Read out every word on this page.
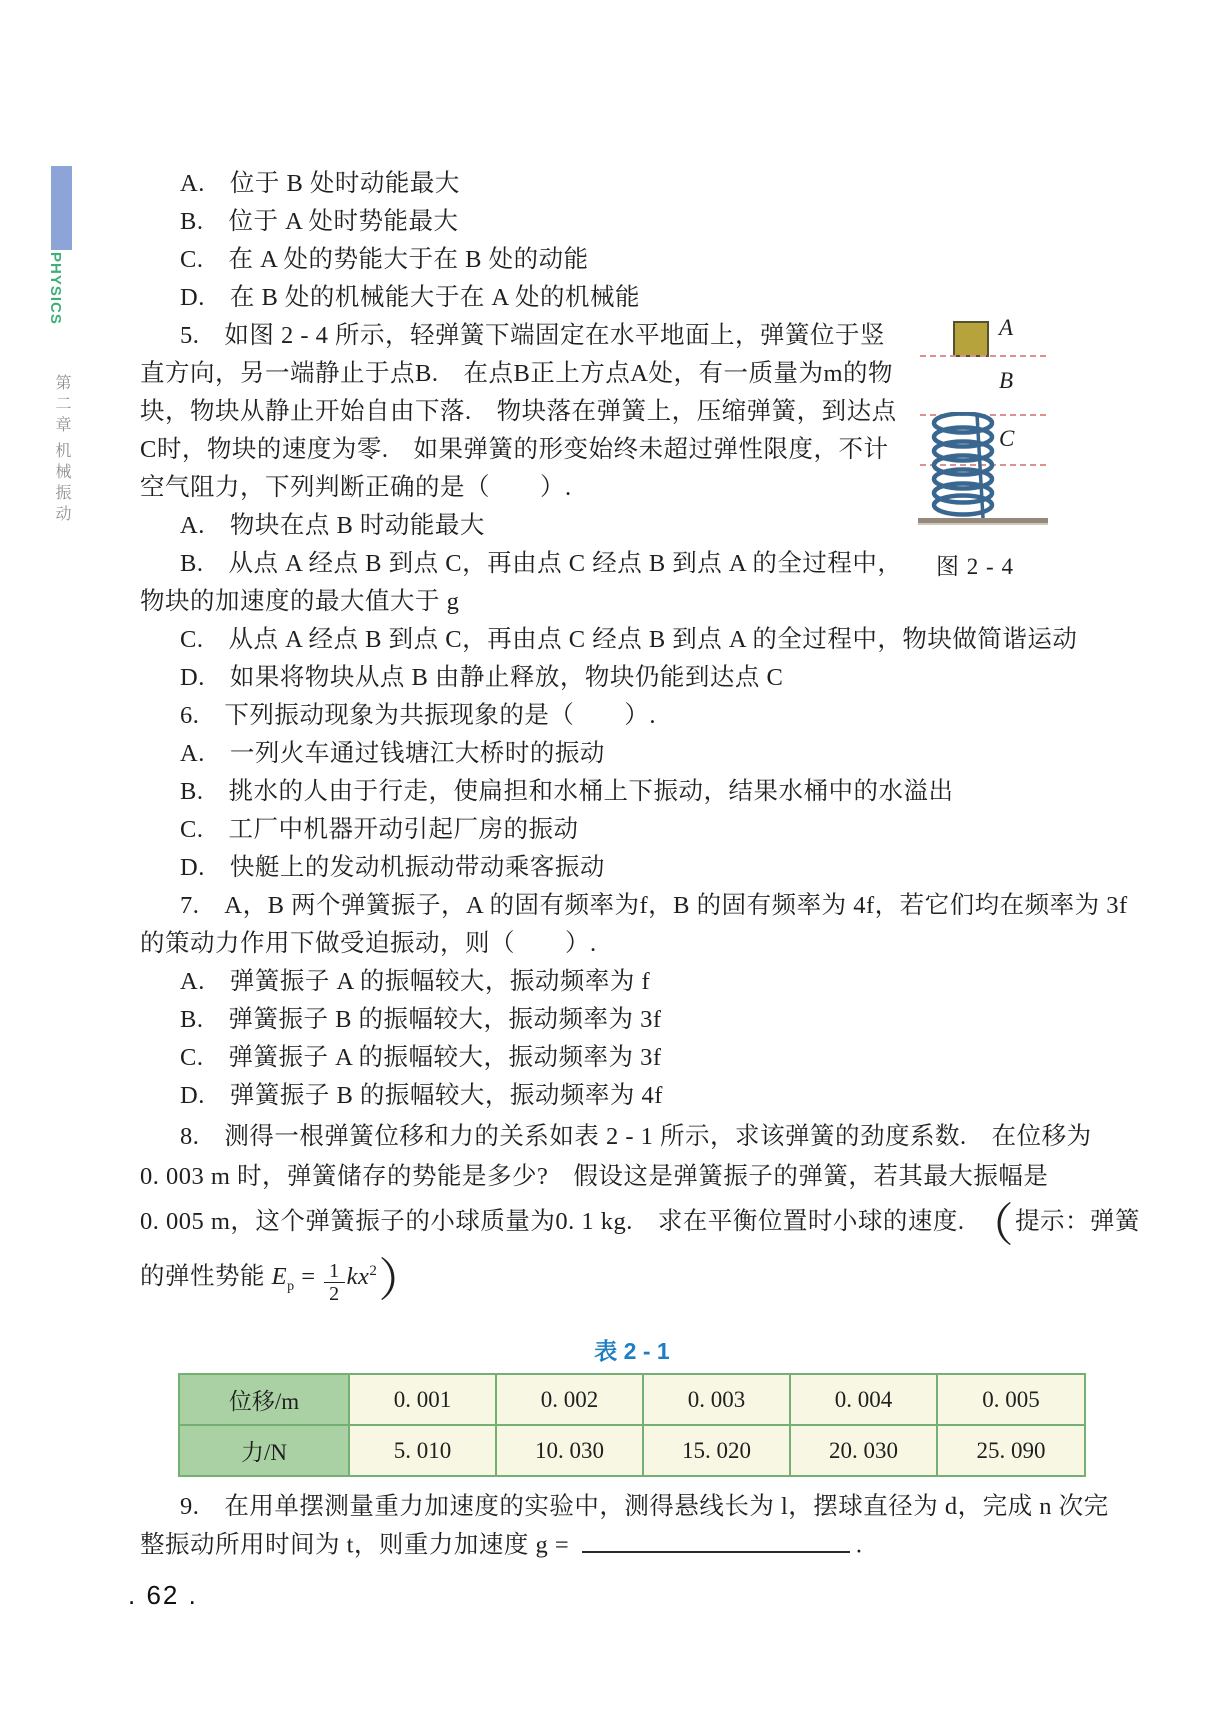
PHYSICS
第二章
机械振动
A.　位于 B 处时动能最大
B.　位于 A 处时势能最大
C.　在 A 处的势能大于在 B 处的动能
D.　在 B 处的机械能大于在 A 处的机械能
5.　如图 2 - 4 所示，轻弹簧下端固定在水平地面上，弹簧位于竖
直方向，另一端静止于点B.　在点B正上方点A处，有一质量为m的物
块，物块从静止开始自由下落.　物块落在弹簧上，压缩弹簧，到达点
C时，物块的速度为零.　如果弹簧的形变始终未超过弹性限度，不计
空气阻力，下列判断正确的是（　　）.
A.　物块在点 B 时动能最大
B.　从点 A 经点 B 到点 C，再由点 C 经点 B 到点 A 的全过程中，
物块的加速度的最大值大于 g
C.　从点 A 经点 B 到点 C，再由点 C 经点 B 到点 A 的全过程中，物块做简谐运动
D.　如果将物块从点 B 由静止释放，物块仍能到达点 C
6.　下列振动现象为共振现象的是（　　）.
A.　一列火车通过钱塘江大桥时的振动
B.　挑水的人由于行走，使扁担和水桶上下振动，结果水桶中的水溢出
C.　工厂中机器开动引起厂房的振动
D.　快艇上的发动机振动带动乘客振动
7.　A，B 两个弹簧振子，A 的固有频率为f，B 的固有频率为 4f，若它们均在频率为 3f
的策动力作用下做受迫振动，则（　　）.
A.　弹簧振子 A 的振幅较大，振动频率为 f
B.　弹簧振子 B 的振幅较大，振动频率为 3f
C.　弹簧振子 A 的振幅较大，振动频率为 3f
D.　弹簧振子 B 的振幅较大，振动频率为 4f
8.　测得一根弹簧位移和力的关系如表 2 - 1 所示，求该弹簧的劲度系数.　在位移为
0. 003 m 时，弹簧储存的势能是多少?　假设这是弹簧振子的弹簧，若其最大振幅是
0. 005 m，这个弹簧振子的小球质量为0. 1 kg.　求在平衡位置时小球的速度.　（提示：弹簧
的弹性势能 $E_p = \frac{1}{2} kx^2$）
9.　在用单摆测量重力加速度的实验中，测得悬线长为 l，摆球直径为 d，完成 n 次完
整振动所用时间为 t，则重力加速度 g =	.
A
B
C
图 2 - 4
表 2 - 1
位移/m	0. 001	0. 002	0. 003	0. 004	0. 005
力/N	5. 010	10. 030	15. 020	20. 030	25. 090
. 62 .
